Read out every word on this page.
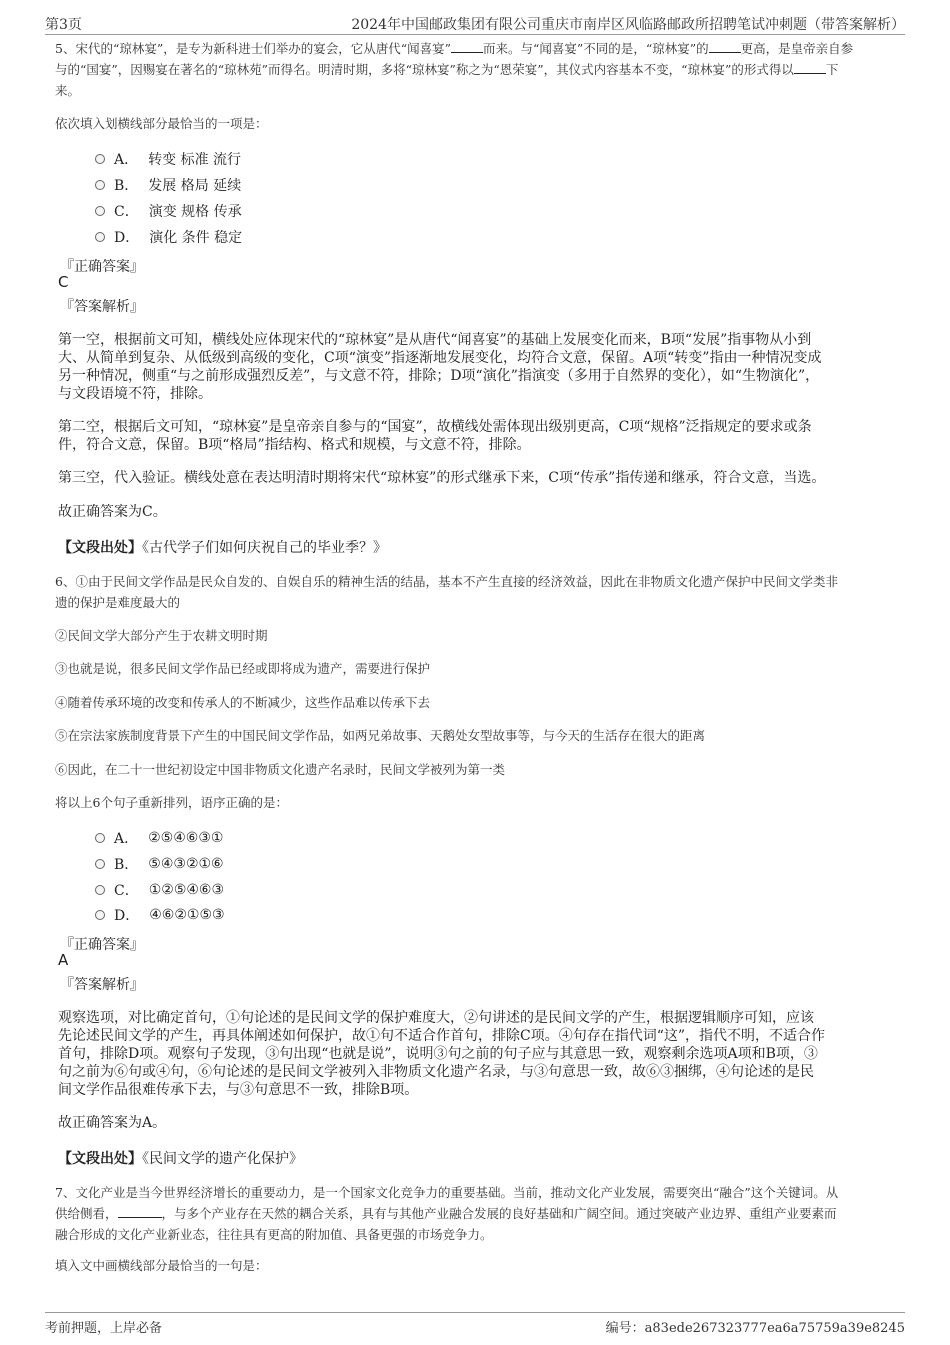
第3页	2024年中国邮政集团有限公司重庆市南岸区风临路邮政所招聘笔试冲刺题（带答案解析）
5、宋代的“琼林宴”，是专为新科进士们举办的宴会，它从唐代“闻喜宴”	而来。与“闻喜宴”不同的是，“琼林宴”的	更高，是皇帝亲自参
与的“国宴”，因赐宴在著名的“琼林苑”而得名。明清时期，多将“琼林宴”称之为“恩荣宴”，其仪式内容基本不变，“琼林宴”的形式得以	下
来。
依次填入划横线部分最恰当的一项是：
A． 转变 标准 流行
B． 发展 格局 延续
C． 演变 规格 传承
D． 演化 条件 稳定
『正确答案』
C
『答案解析』
第一空，根据前文可知，横线处应体现宋代的“琼林宴”是从唐代“闻喜宴”的基础上发展变化而来，B项“发展”指事物从小到
大、从简单到复杂、从低级到高级的变化，C项“演变”指逐渐地发展变化，均符合文意，保留。A项“转变”指由一种情况变成
另一种情况，侧重“与之前形成强烈反差”，与文意不符，排除；D项“演化”指演变（多用于自然界的变化），如“生物演化”，
与文段语境不符，排除。
第二空，根据后文可知，“琼林宴”是皇帝亲自参与的“国宴”，故横线处需体现出级别更高，C项“规格”泛指规定的要求或条
件，符合文意，保留。B项“格局”指结构、格式和规模，与文意不符，排除。
第三空，代入验证。横线处意在表达明清时期将宋代“琼林宴”的形式继承下来，C项“传承”指传递和继承，符合文意，当选。
故正确答案为C。
【文段出处】《古代学子们如何庆祝自己的毕业季？》
6、①由于民间文学作品是民众自发的、自娱自乐的精神生活的结晶，基本不产生直接的经济效益，因此在非物质文化遗产保护中民间文学类非
遗的保护是难度最大的
②民间文学大部分产生于农耕文明时期
③也就是说，很多民间文学作品已经或即将成为遗产，需要进行保护
④随着传承环境的改变和传承人的不断减少，这些作品难以传承下去
⑤在宗法家族制度背景下产生的中国民间文学作品，如两兄弟故事、天鹅处女型故事等，与今天的生活存在很大的距离
⑥因此，在二十一世纪初设定中国非物质文化遗产名录时，民间文学被列为第一类
将以上6个句子重新排列，语序正确的是：
A． ②⑤④⑥③①
B． ⑤④③②①⑥
C． ①②⑤④⑥③
D． ④⑥②①⑤③
『正确答案』
A
『答案解析』
观察选项，对比确定首句，①句论述的是民间文学的保护难度大，②句讲述的是民间文学的产生，根据逻辑顺序可知，应该
先论述民间文学的产生，再具体阐述如何保护，故①句不适合作首句，排除C项。④句存在指代词“这”，指代不明，不适合作
首句，排除D项。观察句子发现，③句出现“也就是说”，说明③句之前的句子应与其意思一致，观察剩余选项A项和B项，③
句之前为⑥句或④句，⑥句论述的是民间文学被列入非物质文化遗产名录，与③句意思一致，故⑥③捆绑，④句论述的是民
间文学作品很难传承下去，与③句意思不一致，排除B项。
故正确答案为A。
【文段出处】《民间文学的遗产化保护》
7、文化产业是当今世界经济增长的重要动力，是一个国家文化竞争力的重要基础。当前，推动文化产业发展，需要突出“融合”这个关键词。从
供给侧看，	，与多个产业存在天然的耦合关系，具有与其他产业融合发展的良好基础和广阔空间。通过突破产业边界、重组产业要素而
融合形成的文化产业新业态，往往具有更高的附加值、具备更强的市场竞争力。
填入文中画横线部分最恰当的一句是：
考前押题，上岸必备	编号：a83ede267323777ea6a75759a39e8245
